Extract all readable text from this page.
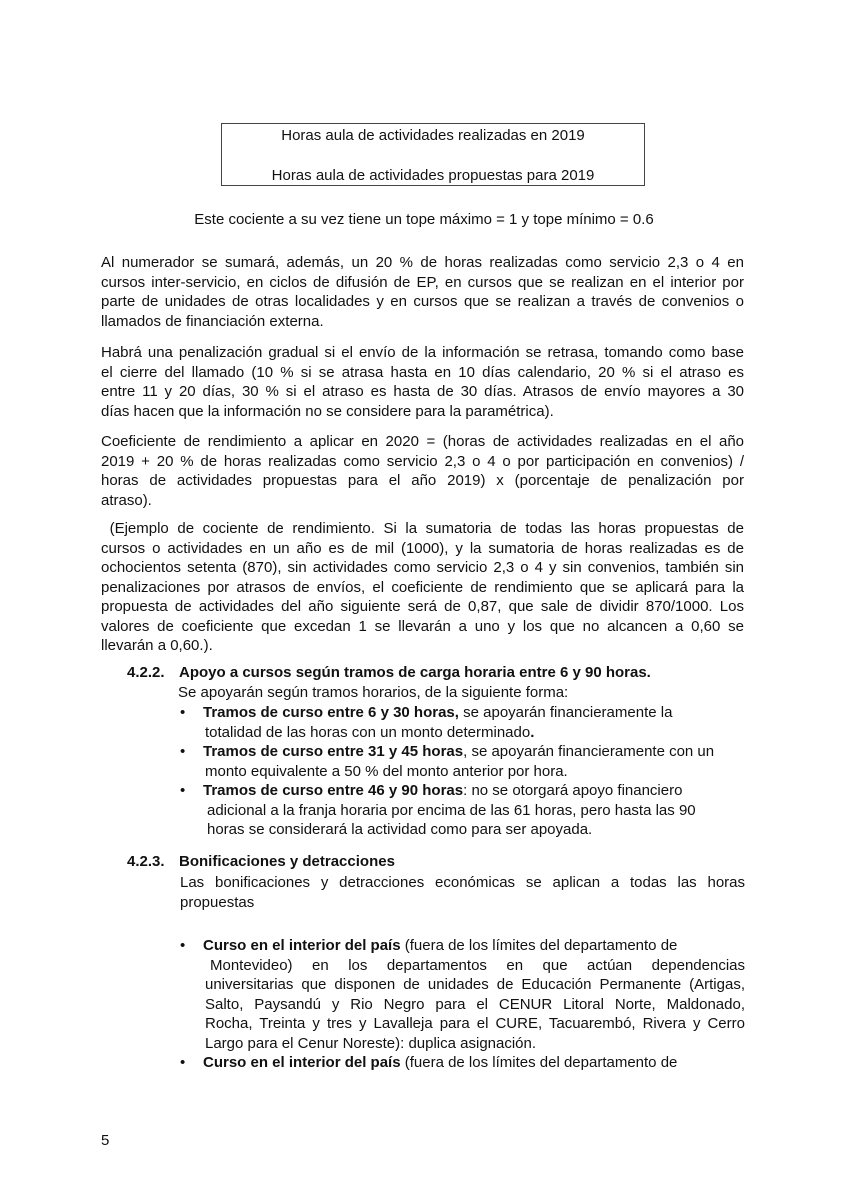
Horas aula de actividades realizadas en 2019
Horas aula de actividades propuestas para 2019
Este cociente a su vez tiene un tope máximo = 1 y tope mínimo = 0.6
Al numerador se sumará, además, un 20 % de horas realizadas como servicio 2,3 o 4 en
cursos inter-servicio, en ciclos de difusión de EP, en cursos que se realizan en el interior por
parte de unidades de otras localidades y en cursos que se realizan a través de convenios o
llamados de financiación externa.
Habrá una penalización gradual si el envío de la información se retrasa, tomando como base
el cierre del llamado (10 % si se atrasa hasta en 10 días calendario, 20 % si el atraso es
entre 11 y 20 días, 30 % si el atraso es hasta de 30 días. Atrasos de envío mayores a 30
días hacen que la información no se considere para la paramétrica).
Coeficiente de rendimiento a aplicar en 2020 = (horas de actividades realizadas en el año
2019 + 20 % de horas realizadas como servicio 2,3 o 4 o por participación en convenios) /
horas de actividades propuestas para el año 2019) x (porcentaje de penalización por
atraso).
(Ejemplo de cociente de rendimiento. Si la sumatoria de todas las horas propuestas de
cursos o actividades en un año es de mil (1000), y la sumatoria de horas realizadas es de
ochocientos setenta (870), sin actividades como servicio 2,3 o 4 y sin convenios, también sin
penalizaciones por atrasos de envíos, el coeficiente de rendimiento que se aplicará para la
propuesta de actividades del año siguiente será de 0,87, que sale de dividir 870/1000. Los
valores de coeficiente que excedan 1 se llevarán a uno y los que no alcancen a 0,60 se
llevarán a 0,60.).
4.2.2. Apoyo a cursos según tramos de carga horaria entre 6 y 90 horas.
Se apoyarán según tramos horarios, de la siguiente forma:
•	Tramos de curso entre 6 y 30 horas, se apoyarán financieramente la
totalidad de las horas con un monto determinado.
•	Tramos de curso entre 31 y 45 horas, se apoyarán financieramente con un
monto equivalente a 50 % del monto anterior por hora.
•	Tramos de curso entre 46 y 90 horas: no se otorgará apoyo financiero
adicional a la franja horaria por encima de las 61 horas, pero hasta las 90
horas se considerará la actividad como para ser apoyada.
4.2.3. Bonificaciones y detracciones
Las bonificaciones y detracciones económicas se aplican a todas las horas
propuestas
•	Curso en el interior del país (fuera de los límites del departamento de
Montevideo) en los departamentos en que actúan dependencias
universitarias que disponen de unidades de Educación Permanente (Artigas,
Salto, Paysandú y Rio Negro para el CENUR Litoral Norte, Maldonado,
Rocha, Treinta y tres y Lavalleja para el CURE, Tacuarembó, Rivera y Cerro
Largo para el Cenur Noreste): duplica asignación.
•	Curso en el interior del país (fuera de los límites del departamento de
5
